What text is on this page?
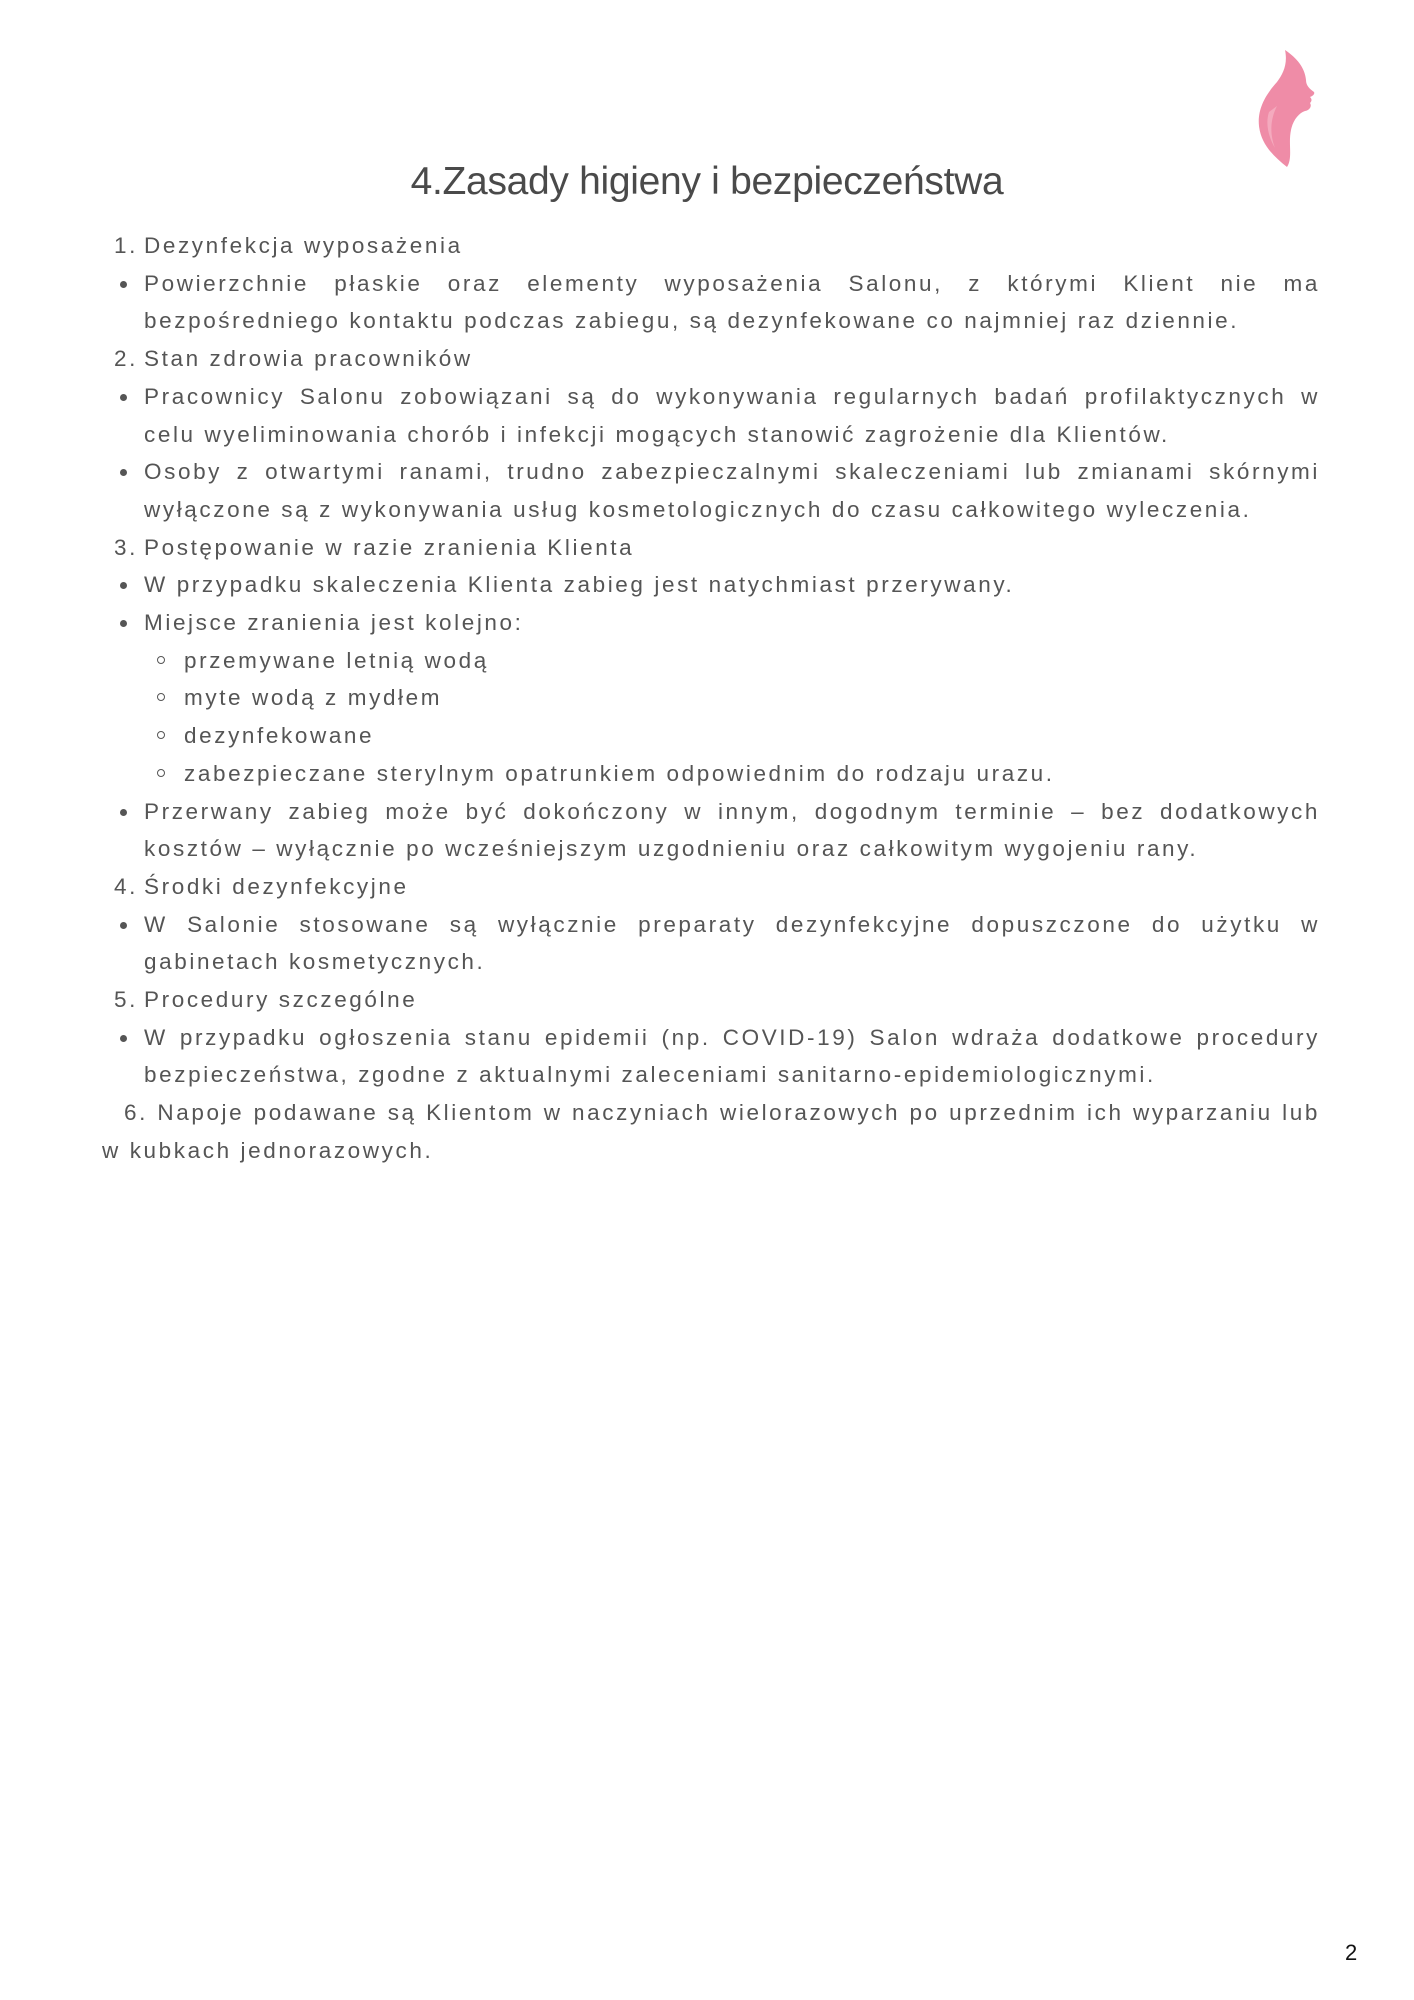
4.Zasady higieny i bezpieczeństwa
1. Dezynfekcja wyposażenia
Powierzchnie płaskie oraz elementy wyposażenia Salonu, z którymi Klient nie ma bezpośredniego kontaktu podczas zabiegu, są dezynfekowane co najmniej raz dziennie.
2. Stan zdrowia pracowników
Pracownicy Salonu zobowiązani są do wykonywania regularnych badań profilaktycznych w celu wyeliminowania chorób i infekcji mogących stanowić zagrożenie dla Klientów.
Osoby z otwartymi ranami, trudno zabezpieczalnymi skaleczeniami lub zmianami skórnymi wyłączone są z wykonywania usług kosmetologicznych do czasu całkowitego wyleczenia.
3. Postępowanie w razie zranienia Klienta
W przypadku skaleczenia Klienta zabieg jest natychmiast przerywany.
Miejsce zranienia jest kolejno:
przemywane letnią wodą
myte wodą z mydłem
dezynfekowane
zabezpieczane sterylnym opatrunkiem odpowiednim do rodzaju urazu.
Przerwany zabieg może być dokończony w innym, dogodnym terminie – bez dodatkowych kosztów – wyłącznie po wcześniejszym uzgodnieniu oraz całkowitym wygojeniu rany.
4. Środki dezynfekcyjne
W Salonie stosowane są wyłącznie preparaty dezynfekcyjne dopuszczone do użytku w gabinetach kosmetycznych.
5. Procedury szczególne
W przypadku ogłoszenia stanu epidemii (np. COVID-19) Salon wdraża dodatkowe procedury bezpieczeństwa, zgodne z aktualnymi zaleceniami sanitarno-epidemiologicznymi.
6. Napoje podawane są Klientom w naczyniach wielorazowych po uprzednim ich wyparzaniu lub w kubkach jednorazowych.
2
